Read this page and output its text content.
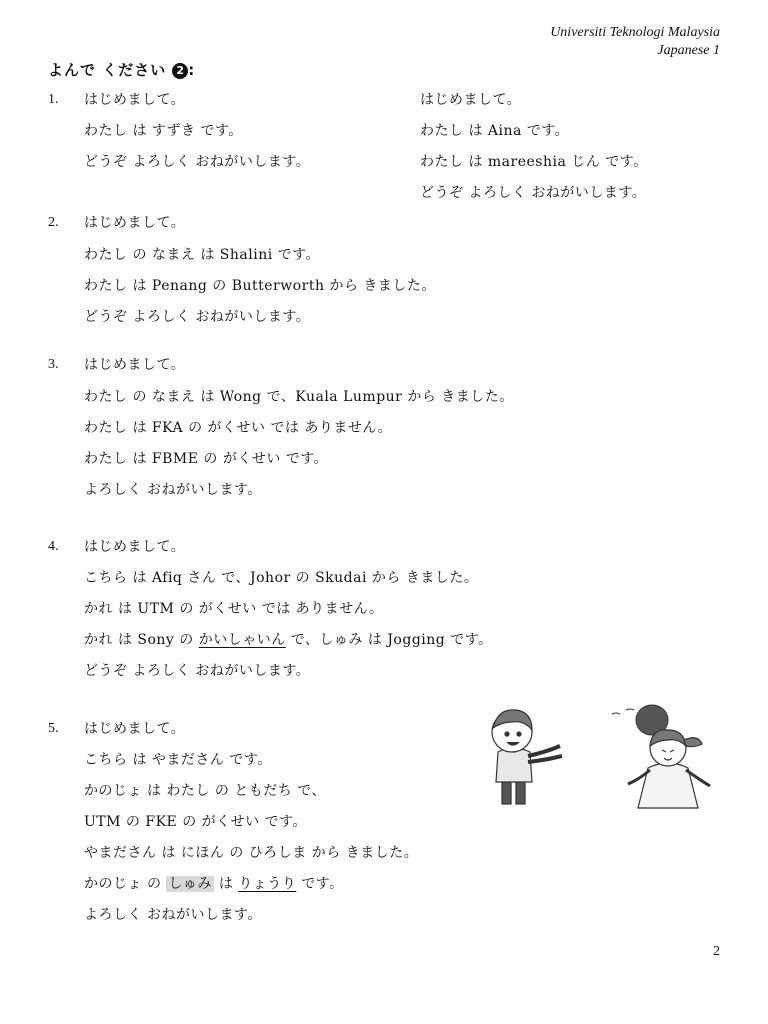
Universiti Teknologi Malaysia
Japanese 1
よんで ください 2 :
1. はじめまして。
わたし は すずき です。
どうぞ よろしく おねがいします。
はじめまして。
わたし は Aina です。
わたし は mareeshia じん です。
どうぞ よろしく おねがいします。
2. はじめまして。
わたし の なまえ は Shalini です。
わたし は Penang の Butterworth から きました。
どうぞ よろしく おねがいします。
3. はじめまして。
わたし の なまえ は Wong で、Kuala Lumpur から きました。
わたし は FKA の がくせい では ありません。
わたし は FBME の がくせい です。
よろしく おねがいします。
4. はじめまして。
こちら は Afiq さん で、Johor の Skudai から きました。
かれ は UTM の がくせい では ありません。
かれ は Sony の かいしゃいん で、しゅみ は Jogging です。
どうぞ よろしく おねがいします。
5. はじめまして。
こちら は やまださん です。
かのじょ は わたし の ともだち で、
UTM の FKE の がくせい です。
やまださん は にほん の ひろしま から きました。
かのじょ の しゅみ は りょうり です。
よろしく おねがいします。
2
